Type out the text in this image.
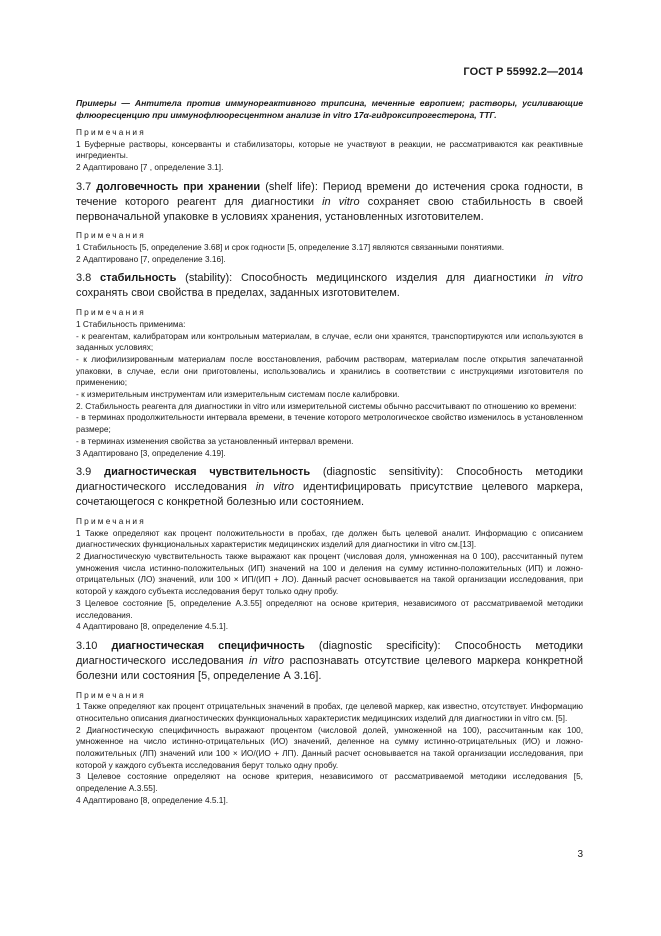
ГОСТ Р 55992.2—2014

Примеры — Антитела против иммунореактивного трипсина, меченные европием; растворы, усиливающие флюоресценцию при иммунофлюоресцентном анализе in vitro 17α-гидроксипрогестерона, ТТГ.

Примечания

1 Буферные растворы, консерванты и стабилизаторы, которые не участвуют в реакции, не рассматриваются как реактивные ингредиенты.

2 Адаптировано [7 , определение 3.1].

3.7 долговечность при хранении (shelf life): Период времени до истечения срока годности, в течение которого реагент для диагностики in vitro сохраняет свою стабильность в своей первоначальной упаковке в условиях хранения, установленных изготовителем.

Примечания

1 Стабильность [5, определение 3.68] и срок годности [5, определение 3.17] являются связанными понятиями.

2 Адаптировано [7, определение 3.16].

3.8 стабильность (stability): Способность медицинского изделия для диагностики in vitro сохранять свои свойства в пределах, заданных изготовителем.

Примечания

1 Стабильность применима:

- к реагентам, калибраторам или контрольным материалам, в случае, если они хранятся, транспортируются или используются в заданных условиях;

- к лиофилизированным материалам после восстановления, рабочим растворам, материалам после открытия запечатанной упаковки, в случае, если они приготовлены, использовались и хранились в соответствии с инструкциями изготовителя по применению;

- к измерительным инструментам или измерительным системам после калибровки.

2. Стабильность реагента для диагностики in vitro или измерительной системы обычно рассчитывают по отношению ко времени:

- в терминах продолжительности интервала времени, в течение которого метрологическое свойство изменилось в установленном размере;

- в терминах изменения свойства за установленный интервал времени.

3 Адаптировано [3, определение 4.19].

3.9 диагностическая чувствительность (diagnostic sensitivity): Способность методики диагностического исследования in vitro идентифицировать присутствие целевого маркера, сочетающегося с конкретной болезнью или состоянием.

Примечания

1 Также определяют как процент положительности в пробах, где должен быть целевой аналит. Информацию с описанием диагностических функциональных характеристик медицинских изделий для диагностики in vitro см.[13].

2 Диагностическую чувствительность также выражают как процент (числовая доля, умноженная на 0 100), рассчитанный путем умножения числа истинно-положительных (ИП) значений на 100 и деления на сумму истинно-положительных (ИП) и ложно-отрицательных (ЛО) значений, или 100 × ИП/(ИП + ЛО). Данный расчет основывается на такой организации исследования, при которой у каждого субъекта исследования берут только одну пробу.

3 Целевое состояние [5, определение А.3.55] определяют на основе критерия, независимого от рассматриваемой методики исследования.

4 Адаптировано [8, определение 4.5.1].

3.10 диагностическая специфичность (diagnostic specificity): Способность методики диагностического исследования in vitro распознавать отсутствие целевого маркера конкретной болезни или состояния [5, определение А 3.16].

Примечания

1 Также определяют как процент отрицательных значений в пробах, где целевой маркер, как известно, отсутствует. Информацию относительно описания диагностических функциональных характеристик медицинских изделий для диагностики in vitro см. [5].

2 Диагностическую специфичность выражают процентом (числовой долей, умноженной на 100), рассчитанным как 100, умноженное на число истинно-отрицательных (ИО) значений, деленное на сумму истинно-отрицательных (ИО) и ложно-положительных (ЛП) значений или 100 × ИО/(ИО + ЛП). Данный расчет основывается на такой организации исследования, при которой у каждого субъекта исследования берут только одну пробу.

3 Целевое состояние определяют на основе критерия, независимого от рассматриваемой методики исследования [5, определение А.3.55].

4 Адаптировано [8, определение 4.5.1].

3
